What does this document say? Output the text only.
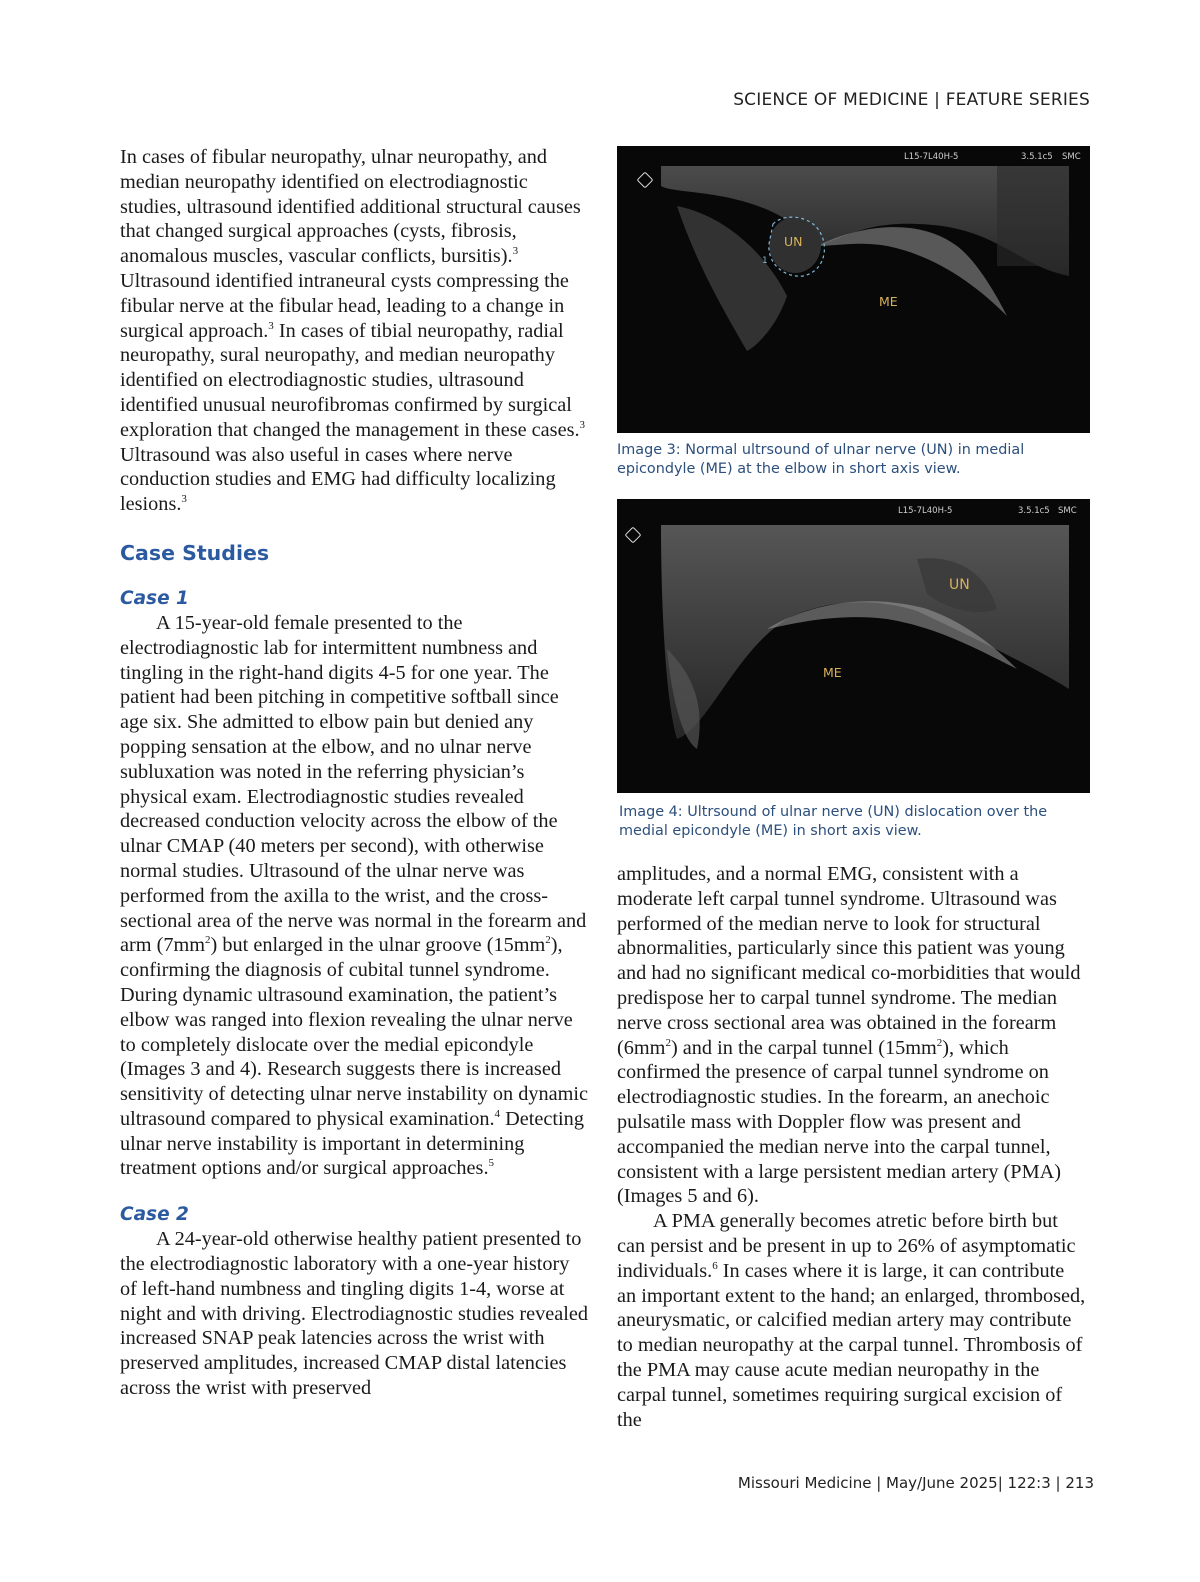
SCIENCE OF MEDICINE | FEATURE SERIES

In cases of fibular neuropathy, ulnar neuropathy, and median neuropathy identified on electrodiagnostic studies, ultrasound identified additional structural causes that changed surgical approaches (cysts, fibrosis, anomalous muscles, vascular conflicts, bursitis).$^3$ Ultrasound identified intraneural cysts compressing the fibular nerve at the fibular head, leading to a change in surgical approach.$^3$ In cases of tibial neuropathy, radial neuropathy, sural neuropathy, and median neuropathy identified on electrodiagnostic studies, ultrasound identified unusual neurofibromas confirmed by surgical exploration that changed the management in these cases.$^3$ Ultrasound was also useful in cases where nerve conduction studies and EMG had difficulty localizing lesions.$^3$

Case Studies
Case 1

A 15-year-old female presented to the electrodiagnostic lab for intermittent numbness and tingling in the right-hand digits 4-5 for one year. The patient had been pitching in competitive softball since age six. She admitted to elbow pain but denied any popping sensation at the elbow, and no ulnar nerve subluxation was noted in the referring physician’s physical exam. Electrodiagnostic studies revealed decreased conduction velocity across the elbow of the ulnar CMAP (40 meters per second), with otherwise normal studies. Ultrasound of the ulnar nerve was performed from the axilla to the wrist, and the cross-sectional area of the nerve was normal in the forearm and arm $(7mm^2)$ but enlarged in the ulnar groove $(15mm^2)$, confirming the diagnosis of cubital tunnel syndrome. During dynamic ultrasound examination, the patient’s elbow was ranged into flexion revealing the ulnar nerve to completely dislocate over the medial epicondyle (Images 3 and 4). Research suggests there is increased sensitivity of detecting ulnar nerve instability on dynamic ultrasound compared to physical examination.$^4$ Detecting ulnar nerve instability is important in determining treatment options and/or surgical approaches.$^5$

Case 2

A 24-year-old otherwise healthy patient presented to the electrodiagnostic laboratory with a one-year history of left-hand numbness and tingling digits 1-4, worse at night and with driving. Electrodiagnostic studies revealed increased SNAP peak latencies across the wrist with preserved amplitudes, increased CMAP distal latencies across the wrist with preserved

L15-7L40H-5	3.5.1c5 SMC
UN
ME
1
Image 3: Normal ultrsound of ulnar nerve (UN) in medial epicondyle (ME) at the elbow in short axis view.
L15-7L40H-5	3.5.1c5 SMC
UN
ME
Image 4: Ultrsound of ulnar nerve (UN) dislocation over the medial epicondyle (ME) in short axis view.

amplitudes, and a normal EMG, consistent with a moderate left carpal tunnel syndrome. Ultrasound was performed of the median nerve to look for structural abnormalities, particularly since this patient was young and had no significant medical co-morbidities that would predispose her to carpal tunnel syndrome. The median nerve cross sectional area was obtained in the forearm $(6mm^2)$ and in the carpal tunnel $(15mm^2)$, which confirmed the presence of carpal tunnel syndrome on electrodiagnostic studies. In the forearm, an anechoic pulsatile mass with Doppler flow was present and accompanied the median nerve into the carpal tunnel, consistent with a large persistent median artery (PMA) (Images 5 and 6).

A PMA generally becomes atretic before birth but can persist and be present in up to 26% of asymptomatic individuals.$^6$ In cases where it is large, it can contribute an important extent to the hand; an enlarged, thrombosed, aneurysmatic, or calcified median artery may contribute to median neuropathy at the carpal tunnel. Thrombosis of the PMA may cause acute median neuropathy in the carpal tunnel, sometimes requiring surgical excision of the

Missouri Medicine | May/June 2025| 122:3 | 213
